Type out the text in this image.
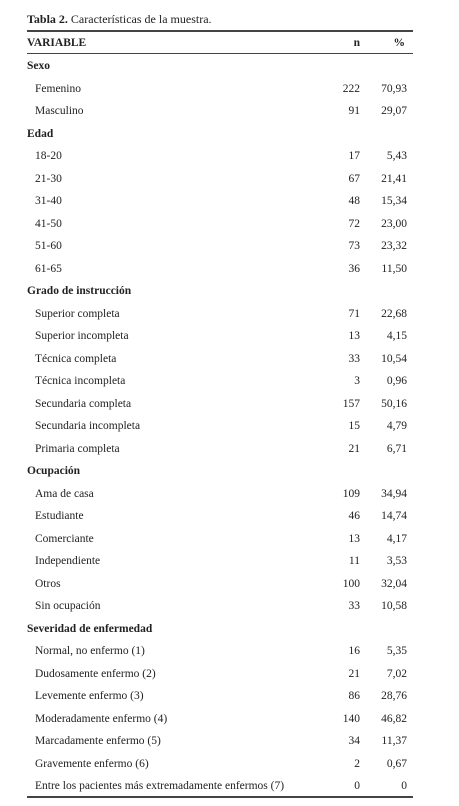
Tabla 2. Características de la muestra.
VARIABLE	n	%
Sexo
Femenino	222	70,93
Masculino	91	29,07
Edad
18-20	17	5,43
21-30	67	21,41
31-40	48	15,34
41-50	72	23,00
51-60	73	23,32
61-65	36	11,50
Grado de instrucción
Superior completa	71	22,68
Superior incompleta	13	4,15
Técnica completa	33	10,54
Técnica incompleta	3	0,96
Secundaria completa	157	50,16
Secundaria incompleta	15	4,79
Primaria completa	21	6,71
Ocupación
Ama de casa	109	34,94
Estudiante	46	14,74
Comerciante	13	4,17
Independiente	11	3,53
Otros	100	32,04
Sin ocupación	33	10,58
Severidad de enfermedad
Normal, no enfermo (1)	16	5,35
Dudosamente enfermo (2)	21	7,02
Levemente enfermo (3)	86	28,76
Moderadamente enfermo (4)	140	46,82
Marcadamente enfermo (5)	34	11,37
Gravemente enfermo (6)	2	0,67
Entre los pacientes más extremadamente enfermos (7)	0	0
